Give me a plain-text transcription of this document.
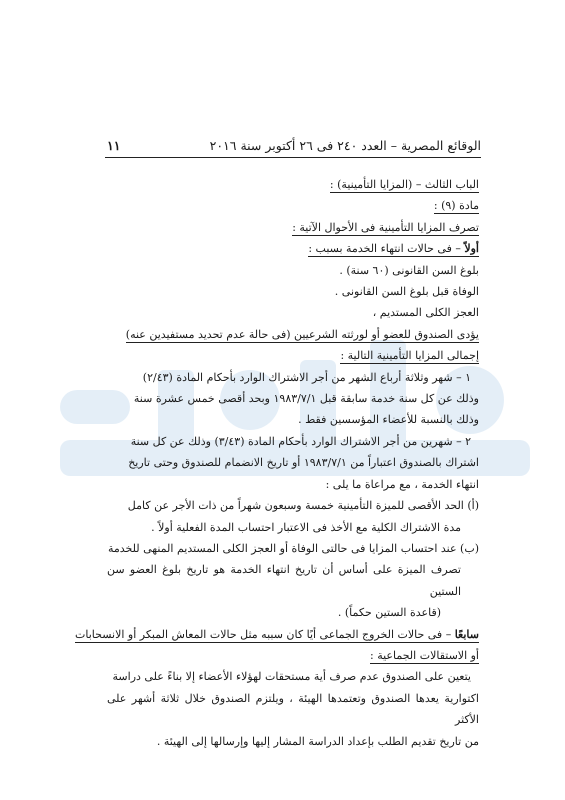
الوقائع المصرية – العدد ٢٤٠ فى ٢٦ أكتوبر سنة ٢٠١٦
١١

الباب الثالث – (المزايا التأمينية) :

مادة (٩) :

تصرف المزايا التأمينية فى الأحوال الآتية :

أولاً – فى حالات انتهاء الخدمة بسبب :

بلوغ السن القانونى (٦٠ سنة) .

الوفاة قبل بلوغ السن القانونى .

العجز الكلى المستديم ،

يؤدى الصندوق للعضو أو لورثته الشرعيين (فى حالة عدم تحديد مستفيدين عنه)

إجمالى المزايا التأمينية التالية :

١ – شهر وثلاثة أرباع الشهر من أجر الاشتراك الوارد بأحكام المادة (٢/٤٣)

وذلك عن كل سنة خدمة سابقة قبل ١٩٨٣/٧/١ وبحد أقصى خمس عشرة سنة

وذلك بالنسبة للأعضاء المؤسسين فقط .

٢ – شهرين من أجر الاشتراك الوارد بأحكام المادة (٣/٤٣) وذلك عن كل سنة

اشتراك بالصندوق اعتباراً من ١٩٨٣/٧/١ أو تاريخ الانضمام للصندوق وحتى تاريخ

انتهاء الخدمة ، مع مراعاة ما يلى :

(أ) الحد الأقصى للميزة التأمينية خمسة وسبعون شهراً من ذات الأجر عن كامل

مدة الاشتراك الكلية مع الأخذ فى الاعتبار احتساب المدة الفعلية أولاً .

(ب) عند احتساب المزايا فى حالتى الوفاة أو العجز الكلى المستديم المنهى للخدمة

تصرف الميزة على أساس أن تاريخ انتهاء الخدمة هو تاريخ بلوغ العضو سن الستين

(قاعدة الستين حكماً) .

سابعًا – فى حالات الخروج الجماعى أيًا كان سببه مثل حالات المعاش المبكر أو الانسحابات

أو الاستقالات الجماعية :

يتعين على الصندوق عدم صرف أية مستحقات لهؤلاء الأعضاء إلا بناءً على دراسة

اكتوارية يعدها الصندوق وتعتمدها الهيئة ، ويلتزم الصندوق خلال ثلاثة أشهر على الأكثر

من تاريخ تقديم الطلب بإعداد الدراسة المشار إليها وإرسالها إلى الهيئة .
